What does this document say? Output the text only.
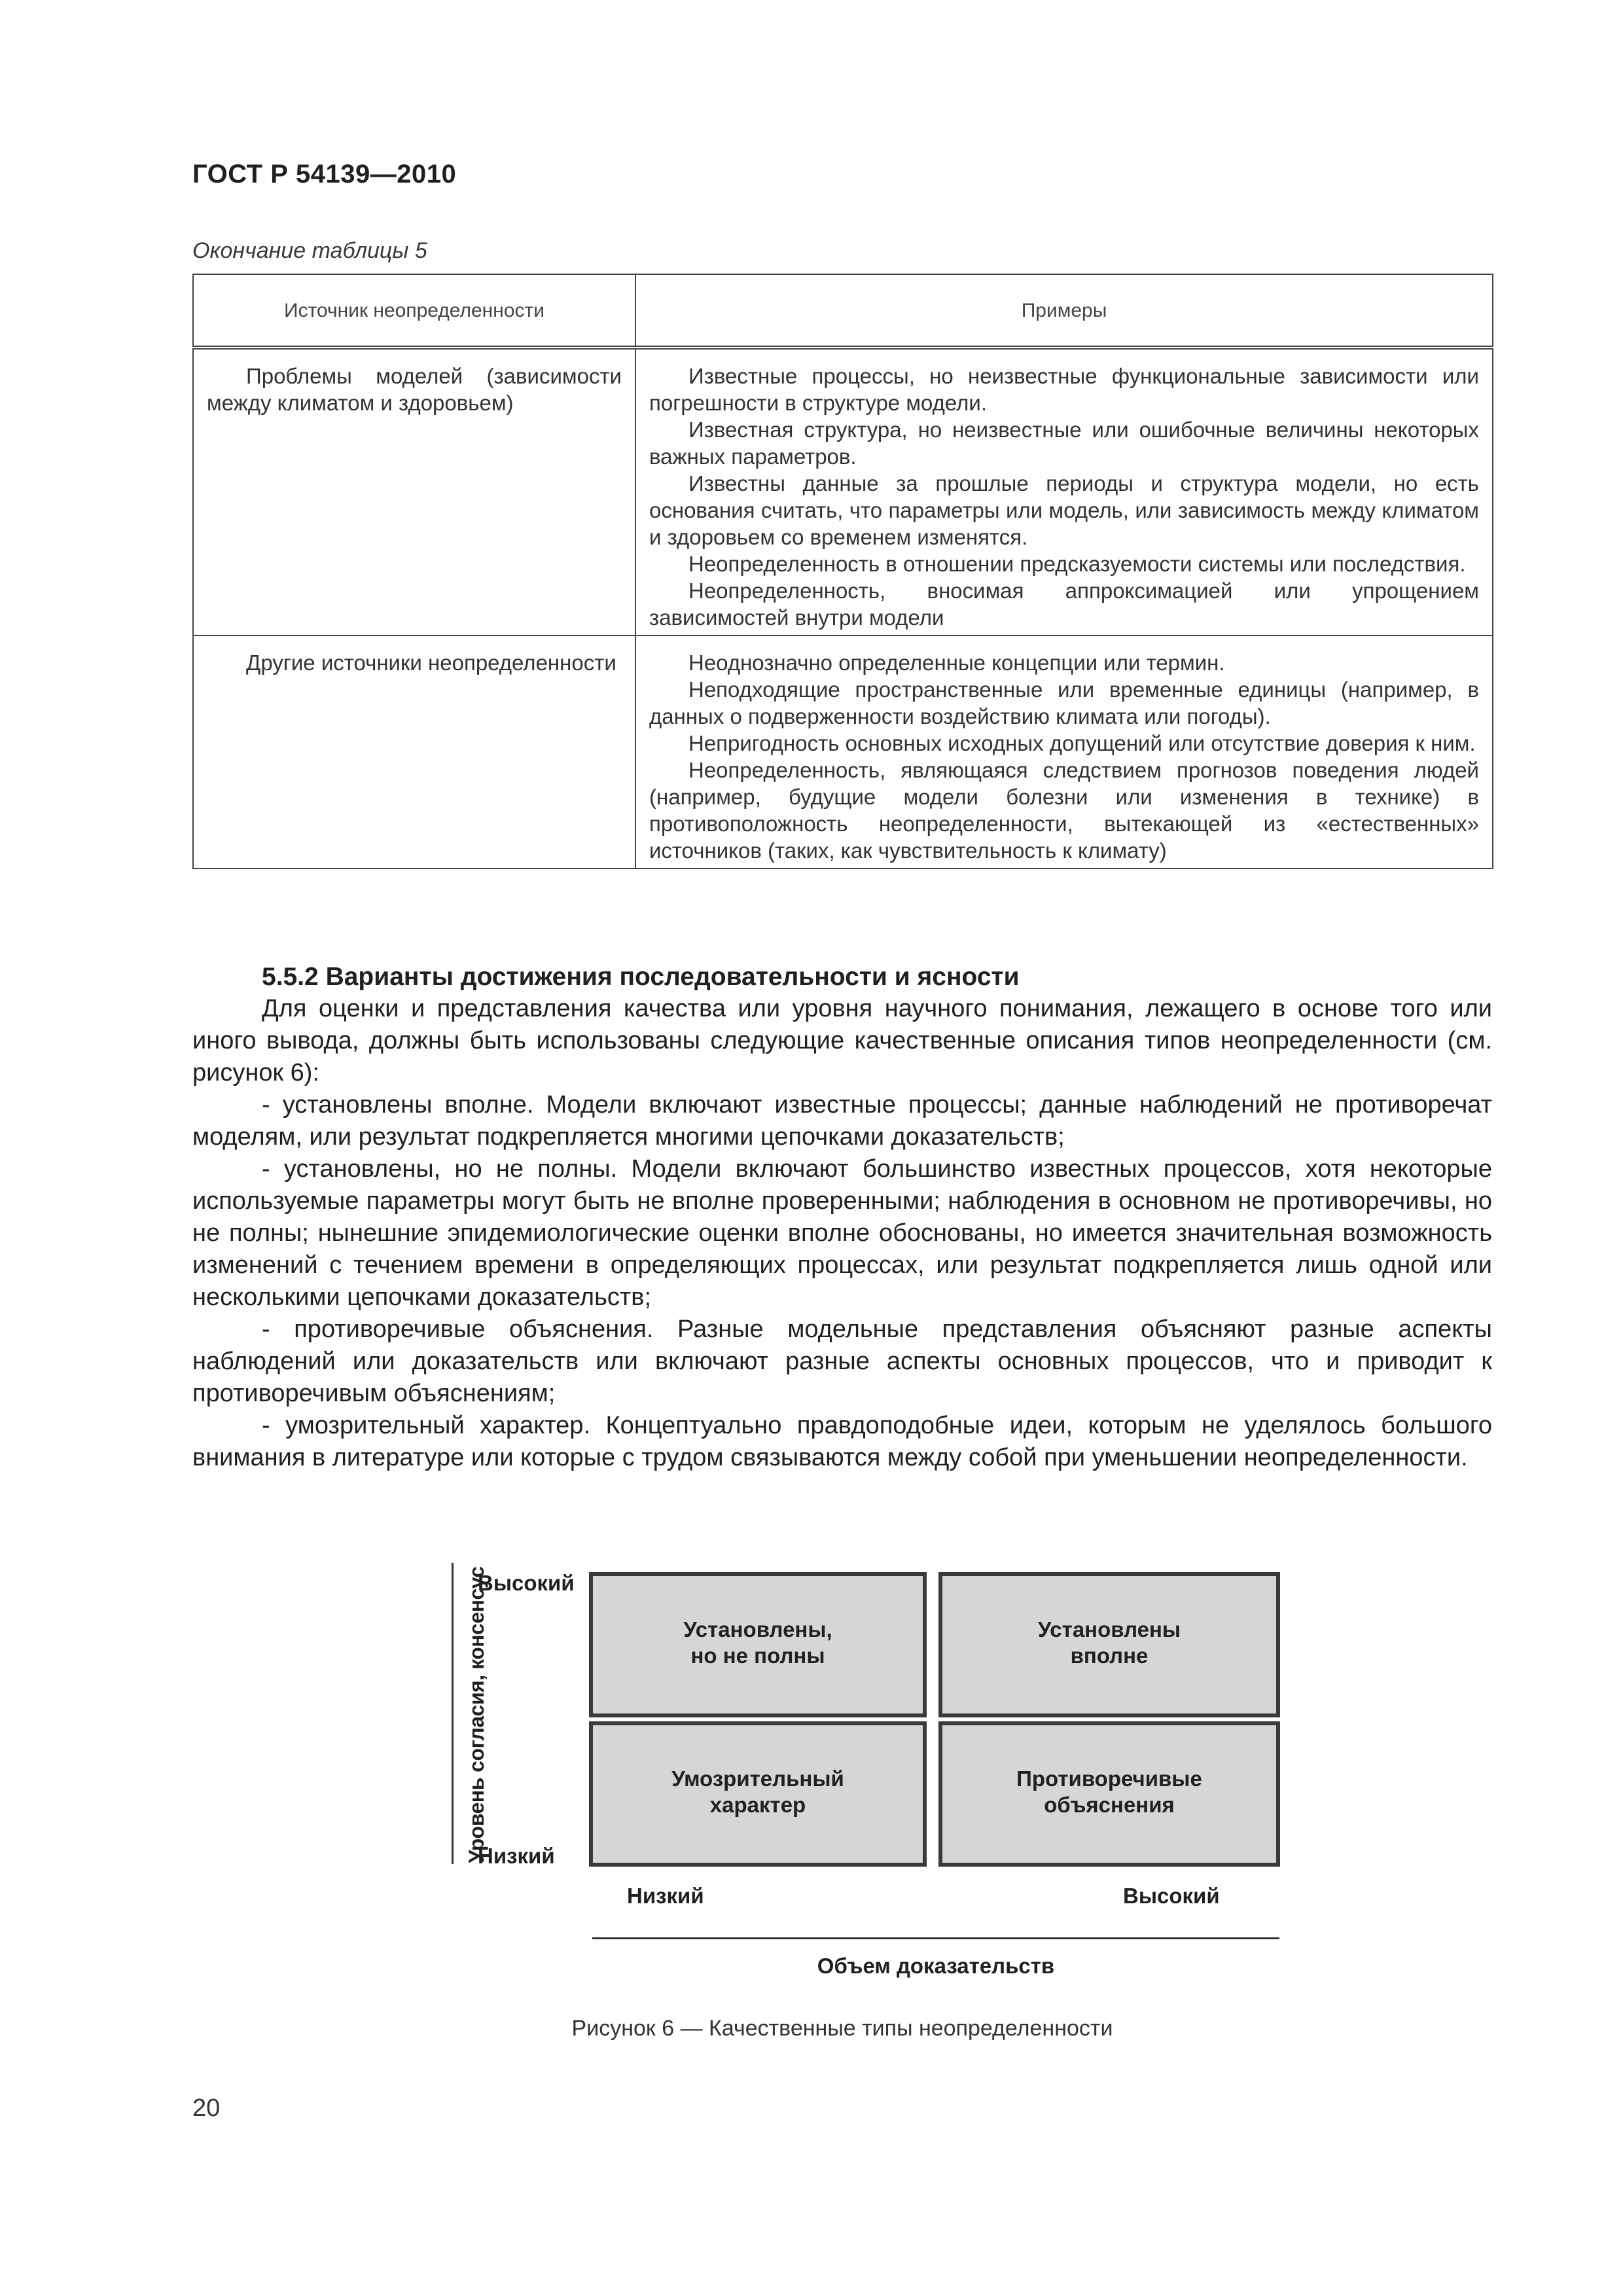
ГОСТ Р 54139—2010
Окончание таблицы 5
Источник неопределенности	Примеры
Проблемы моделей (зависимости между климатом и здоровьем)	Известные процессы, но неизвестные функциональные зависимости или погрешности в структуре модели.

Известная структура, но неизвестные или ошибочные величины некоторых важных параметров.

Известны данные за прошлые периоды и структура модели, но есть основания считать, что параметры или модель, или зависимость между климатом и здоровьем со временем изменятся.

Неопределенность в отношении предсказуемости системы или последствия.

Неопределенность, вносимая аппроксимацией или упрощением зависимостей внутри модели

Другие источники неопределенности	Неоднозначно определенные концепции или термин.

Неподходящие пространственные или временные единицы (например, в данных о подверженности воздействию климата или погоды).

Непригодность основных исходных допущений или отсутствие доверия к ним.

Неопределенность, являющаяся следствием прогнозов поведения людей (например, будущие модели болезни или изменения в технике) в противоположность неопределенности, вытекающей из «естественных» источников (таких, как чувствительность к климату)

5.5.2 Варианты достижения последовательности и ясности

Для оценки и представления качества или уровня научного понимания, лежащего в основе того или иного вывода, должны быть использованы следующие качественные описания типов неопределенности (см. рисунок 6):

- установлены вполне. Модели включают известные процессы; данные наблюдений не противоречат моделям, или результат подкрепляется многими цепочками доказательств;

- установлены, но не полны. Модели включают большинство известных процессов, хотя некоторые используемые параметры могут быть не вполне проверенными; наблюдения в основном не противоречивы, но не полны; нынешние эпидемиологические оценки вполне обоснованы, но имеется значительная возможность изменений с течением времени в определяющих процессах, или результат подкрепляется лишь одной или несколькими цепочками доказательств;

- противоречивые объяснения. Разные модельные представления объясняют разные аспекты наблюдений или доказательств или включают разные аспекты основных процессов, что и приводит к противоречивым объяснениям;

- умозрительный характер. Концептуально правдоподобные идеи, которым не уделялось большого внимания в литературе или которые с трудом связываются между собой при уменьшении неопределенности.

Уровень согласия, консенсус
Высокий
Низкий
Установлены,
но не полны
Установлены
вполне
Умозрительный
характер
Противоречивые
объяснения
Низкий	Высокий
Объем доказательств
Рисунок 6 — Качественные типы неопределенности
20
